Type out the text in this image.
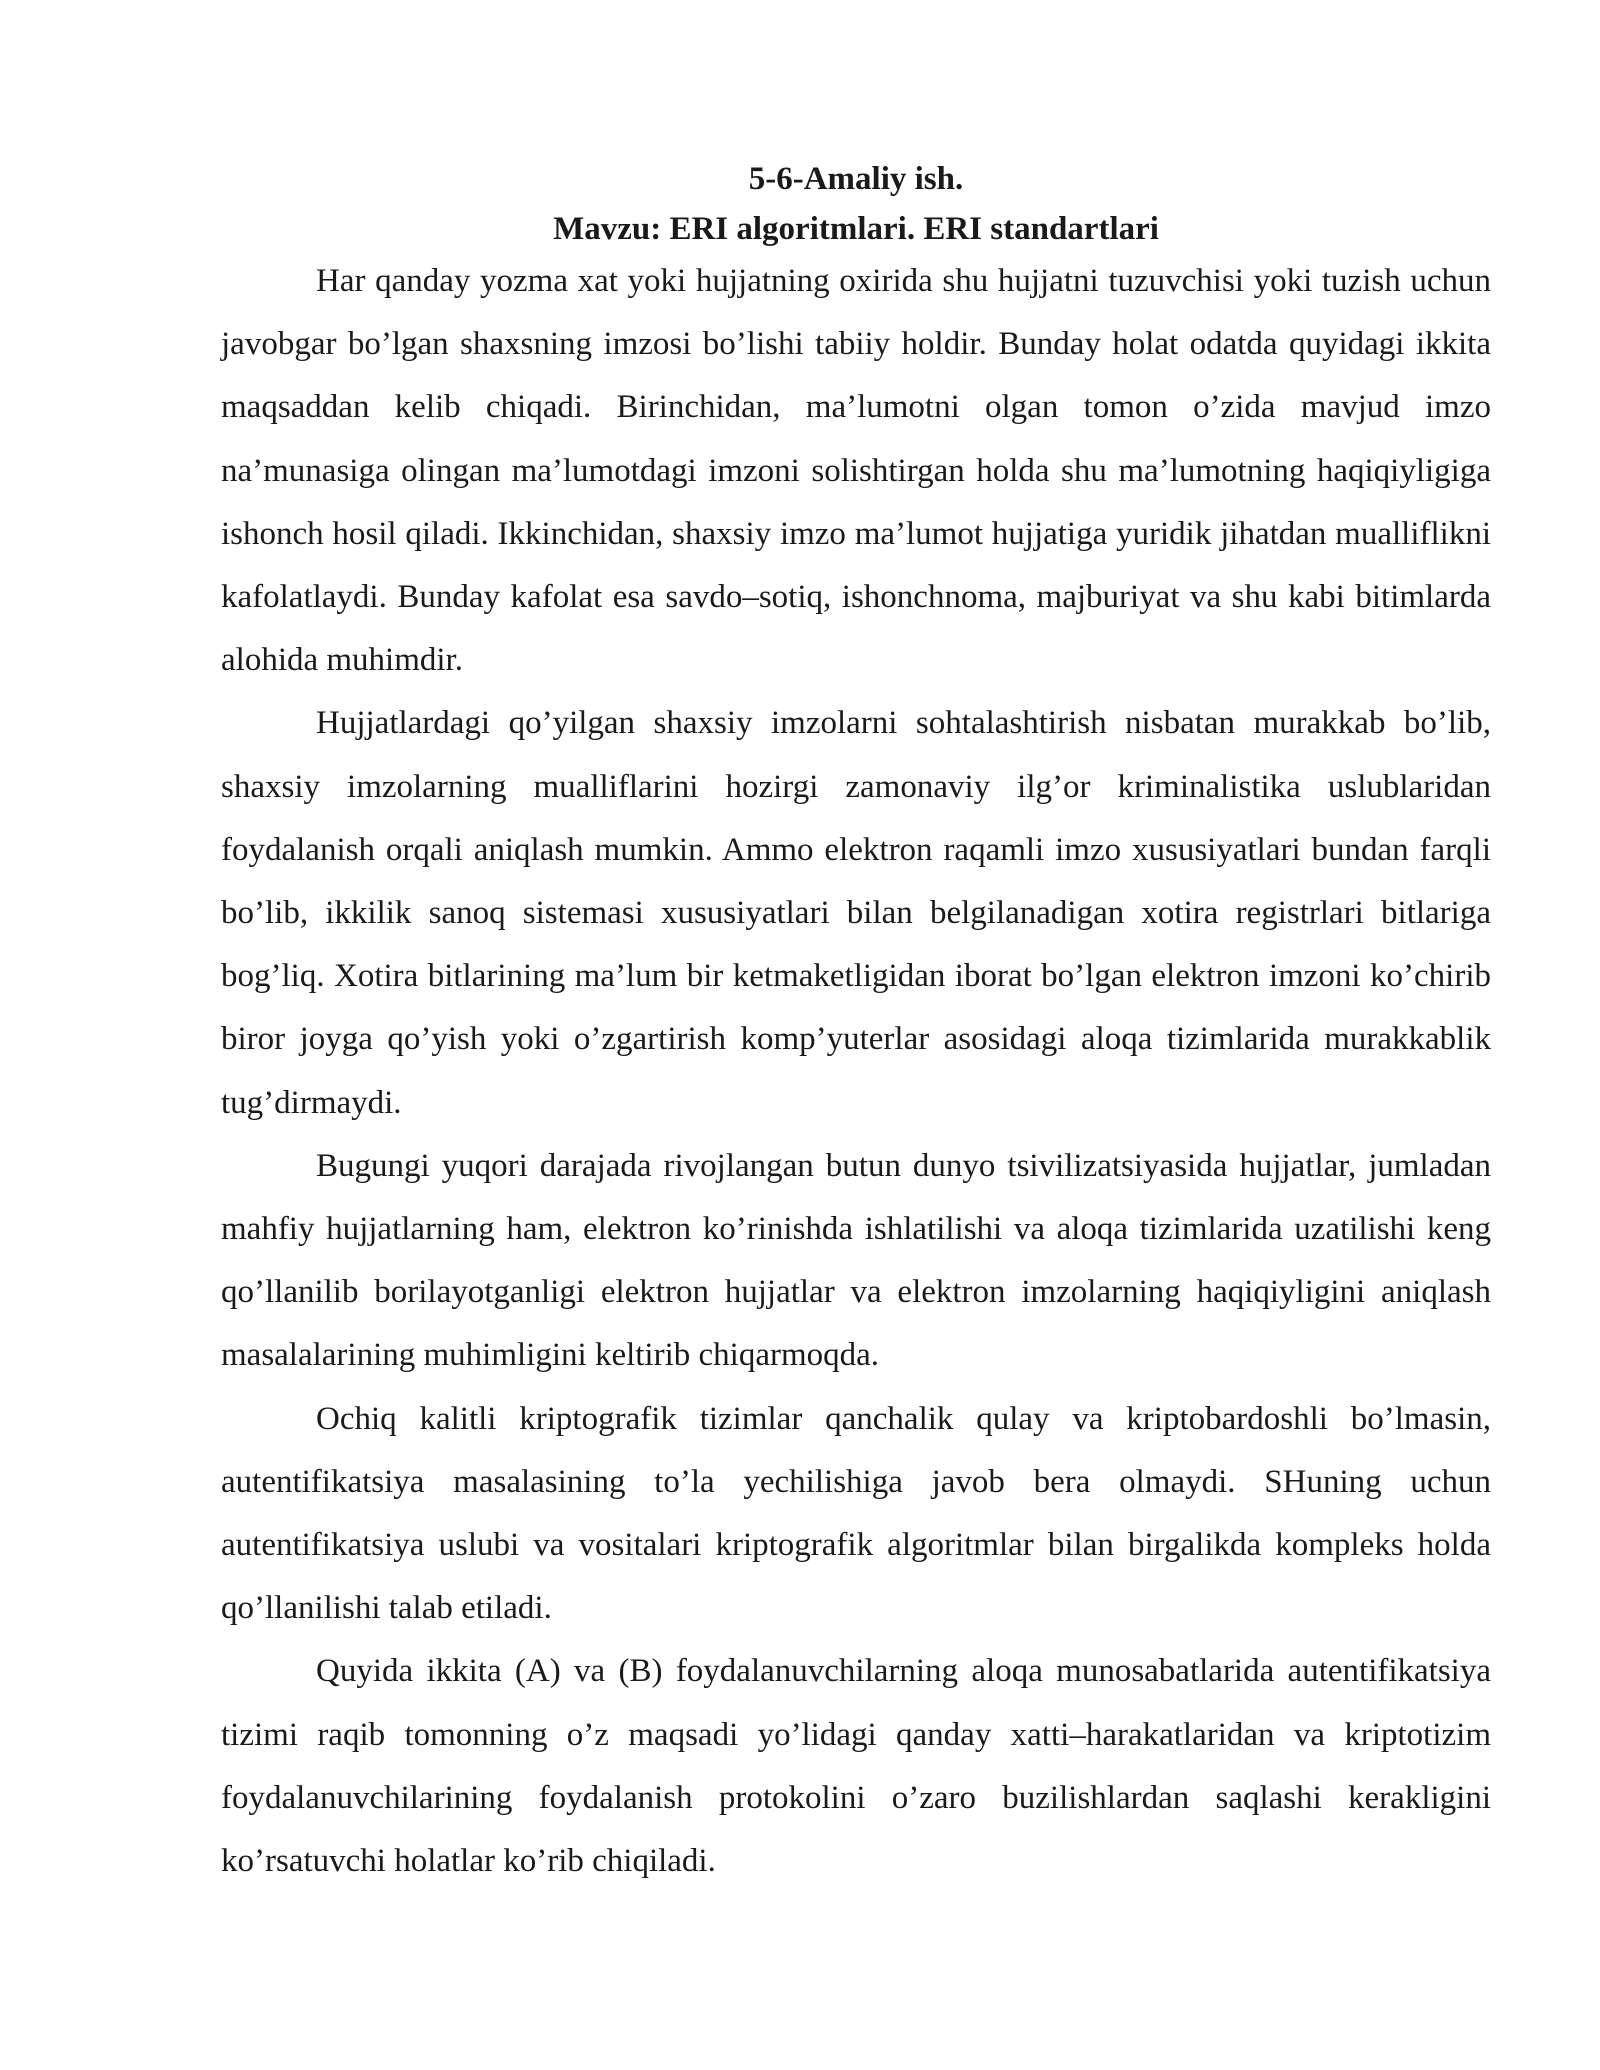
5-6-Amaliy ish.

Mavzu: ERI algoritmlari. ERI standartlari

Har qanday yozma xat yoki hujjatning oxirida shu hujjatni tuzuvchisi yoki tuzish uchun javobgar bo’lgan shaxsning imzosi bo’lishi tabiiy holdir. Bunday holat odatda quyidagi ikkita maqsaddan kelib chiqadi. Birinchidan, ma’lumotni olgan tomon o’zida mavjud imzo na’munasiga olingan ma’lumotdagi imzoni solishtirgan holda shu ma’lumotning haqiqiyligiga ishonch hosil qiladi. Ikkinchidan, shaxsiy imzo ma’lumot hujjatiga yuridik jihatdan mualliflikni kafolatlaydi. Bunday kafolat esa savdo–sotiq, ishonchnoma, majburiyat va shu kabi bitimlarda alohida muhimdir.

Hujjatlardagi qo’yilgan shaxsiy imzolarni sohtalashtirish nisbatan murakkab bo’lib, shaxsiy imzolarning mualliflarini hozirgi zamonaviy ilg’or kriminalistika uslublaridan foydalanish orqali aniqlash mumkin. Ammo elektron raqamli imzo xususiyatlari bundan farqli bo’lib, ikkilik sanoq sistemasi xususiyatlari bilan belgilanadigan xotira registrlari bitlariga bog’liq. Xotira bitlarining ma’lum bir ketmaketligidan iborat bo’lgan elektron imzoni ko’chirib biror joyga qo’yish yoki o’zgartirish komp’yuterlar asosidagi aloqa tizimlarida murakkablik tug’dirmaydi.

Bugungi yuqori darajada rivojlangan butun dunyo tsivilizatsiyasida hujjatlar, jumladan mahfiy hujjatlarning ham, elektron ko’rinishda ishlatilishi va aloqa tizimlarida uzatilishi keng qo’llanilib borilayotganligi elektron hujjatlar va elektron imzolarning haqiqiyligini aniqlash masalalarining muhimligini keltirib chiqarmoqda.

Ochiq kalitli kriptografik tizimlar qanchalik qulay va kriptobardoshli bo’lmasin, autentifikatsiya masalasining to’la yechilishiga javob bera olmaydi. SHuning uchun autentifikatsiya uslubi va vositalari kriptografik algoritmlar bilan birgalikda kompleks holda qo’llanilishi talab etiladi.

Quyida ikkita (A) va (B) foydalanuvchilarning aloqa munosabatlarida autentifikatsiya tizimi raqib tomonning o’z maqsadi yo’lidagi qanday xatti–harakatlaridan va kriptotizim foydalanuvchilarining foydalanish protokolini o’zaro buzilishlardan saqlashi kerakligini ko’rsatuvchi holatlar ko’rib chiqiladi.
